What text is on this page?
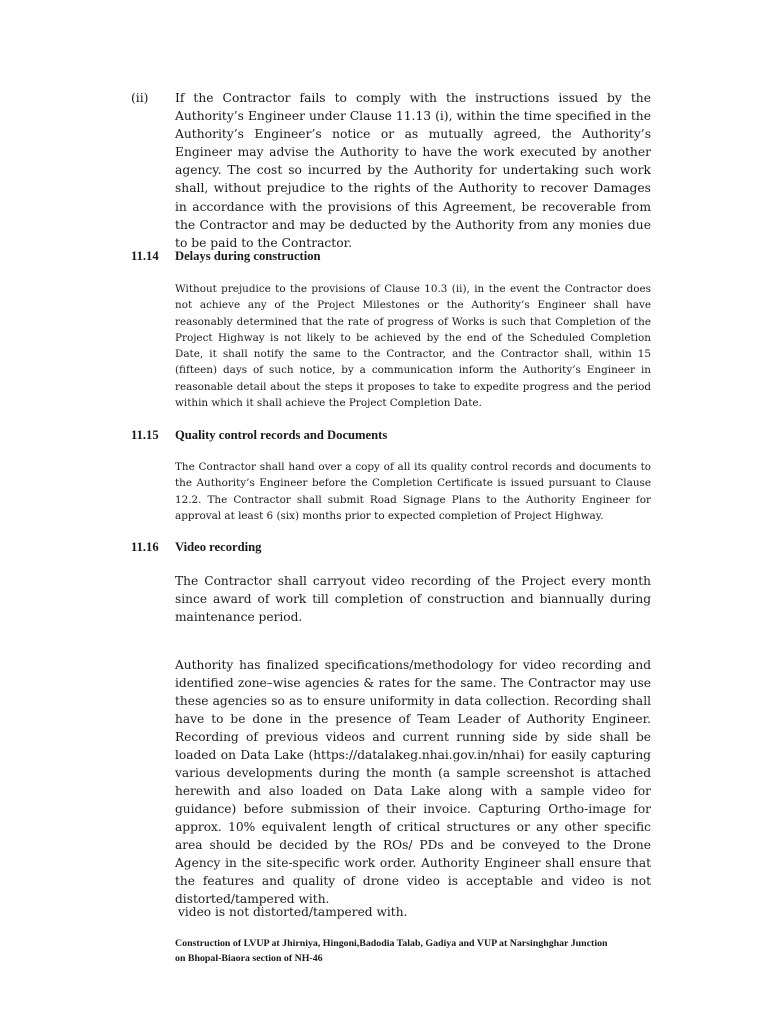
(ii) If the Contractor fails to comply with the instructions issued by the Authority’s Engineer under Clause 11.13 (i), within the time specified in the Authority’s Engineer’s notice or as mutually agreed, the Authority’s Engineer may advise the Authority to have the work executed by another agency. The cost so incurred by the Authority for undertaking such work shall, without prejudice to the rights of the Authority to recover Damages in accordance with the provisions of this Agreement, be recoverable from the Contractor and may be deducted by the Authority from any monies due to be paid to the Contractor.
11.14 Delays during construction
Without prejudice to the provisions of Clause 10.3 (ii), in the event the Contractor does not achieve any of the Project Milestones or the Authority’s Engineer shall have reasonably determined that the rate of progress of Works is such that Completion of the Project Highway is not likely to be achieved by the end of the Scheduled Completion Date, it shall notify the same to the Contractor, and the Contractor shall, within 15 (fifteen) days of such notice, by a communication inform the Authority’s Engineer in reasonable detail about the steps it proposes to take to expedite progress and the period within which it shall achieve the Project Completion Date.
11.15 Quality control records and Documents
The Contractor shall hand over a copy of all its quality control records and documents to the Authority’s Engineer before the Completion Certificate is issued pursuant to Clause 12.2. The Contractor shall submit Road Signage Plans to the Authority Engineer for approval at least 6 (six) months prior to expected completion of Project Highway.
11.16 Video recording
The Contractor shall carryout video recording of the Project every month since award of work till completion of construction and biannually during maintenance period.
Authority has finalized specifications/methodology for video recording and identified zone–wise agencies & rates for the same. The Contractor may use these agencies so as to ensure uniformity in data collection. Recording shall have to be done in the presence of Team Leader of Authority Engineer. Recording of previous videos and current running side by side shall be loaded on Data Lake (https://datalakeg.nhai.gov.in/nhai) for easily capturing various developments during the month (a sample screenshot is attached herewith and also loaded on Data Lake along with a sample video for guidance) before submission of their invoice. Capturing Ortho-image for approx. 10% equivalent length of critical structures or any other specific area should be decided by the ROs/ PDs and be conveyed to the Drone Agency in the site-specific work order. Authority Engineer shall ensure that the features and quality of drone video is acceptable and video is not distorted/tampered with.
video is not distorted/tampered with.
Construction of LVUP at Jhirniya, Hingoni,Badodia Talab, Gadiya and VUP at Narsinghghar Junction
on Bhopal-Biaora section of NH-46
